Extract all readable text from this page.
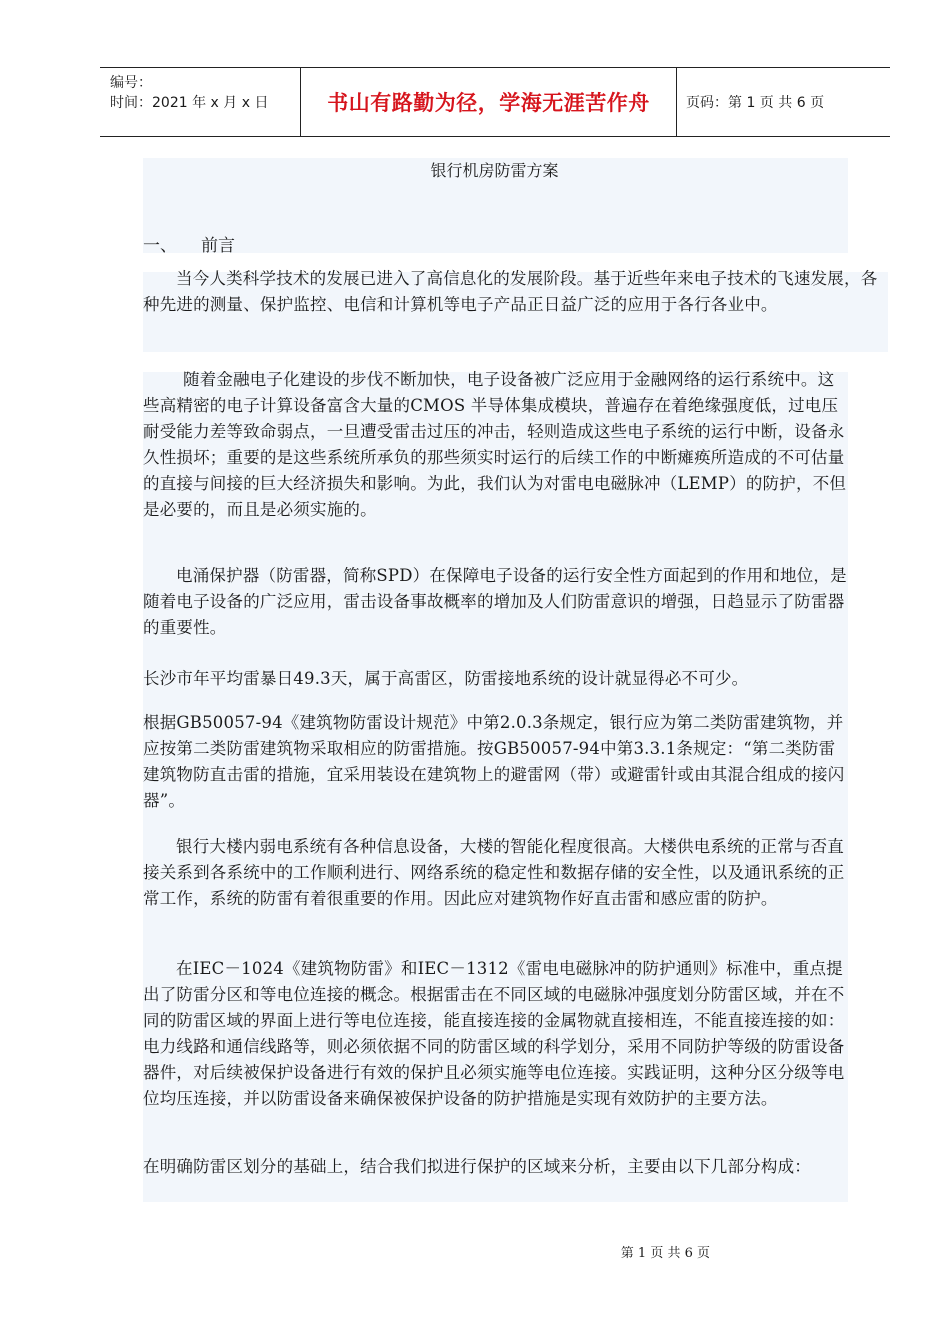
编号：
时间：2021 年 x 月 x 日	书山有路勤为径，学海无涯苦作舟	页码：第 1 页 共 6 页
银行机房防雷方案
一、 前言

当今人类科学技术的发展已进入了高信息化的发展阶段。基于近些年来电子技术的飞速发展，各种先进的测量、保护监控、电信和计算机等电子产品正日益广泛的应用于各行各业中。

随着金融电子化建设的步伐不断加快，电子设备被广泛应用于金融网络的运行系统中。这些高精密的电子计算设备富含大量的CMOS 半导体集成模块，普遍存在着绝缘强度低，过电压耐受能力差等致命弱点，一旦遭受雷击过压的冲击，轻则造成这些电子系统的运行中断，设备永久性损坏；重要的是这些系统所承负的那些须实时运行的后续工作的中断瘫痪所造成的不可估量的直接与间接的巨大经济损失和影响。为此，我们认为对雷电电磁脉冲（LEMP）的防护，不但是必要的，而且是必须实施的。

电涌保护器（防雷器，简称SPD）在保障电子设备的运行安全性方面起到的作用和地位，是随着电子设备的广泛应用，雷击设备事故概率的增加及人们防雷意识的增强，日趋显示了防雷器的重要性。

长沙市年平均雷暴日49.3天，属于高雷区，防雷接地系统的设计就显得必不可少。

根据GB50057-94《建筑物防雷设计规范》中第2.0.3条规定，银行应为第二类防雷建筑物，并应按第二类防雷建筑物采取相应的防雷措施。按GB50057-94中第3.3.1条规定：“第二类防雷建筑物防直击雷的措施，宜采用装设在建筑物上的避雷网（带）或避雷针或由其混合组成的接闪器”。

银行大楼内弱电系统有各种信息设备，大楼的智能化程度很高。大楼供电系统的正常与否直接关系到各系统中的工作顺利进行、网络系统的稳定性和数据存储的安全性，以及通讯系统的正常工作，系统的防雷有着很重要的作用。因此应对建筑物作好直击雷和感应雷的防护。

在IEC－1024《建筑物防雷》和IEC－1312《雷电电磁脉冲的防护通则》标准中，重点提出了防雷分区和等电位连接的概念。根据雷击在不同区域的电磁脉冲强度划分防雷区域，并在不同的防雷区域的界面上进行等电位连接，能直接连接的金属物就直接相连，不能直接连接的如：电力线路和通信线路等，则必须依据不同的防雷区域的科学划分，采用不同防护等级的防雷设备器件，对后续被保护设备进行有效的保护且必须实施等电位连接。实践证明，这种分区分级等电位均压连接，并以防雷设备来确保被保护设备的防护措施是实现有效防护的主要方法。

在明确防雷区划分的基础上，结合我们拟进行保护的区域来分析，主要由以下几部分构成：

第 1 页 共 6 页
